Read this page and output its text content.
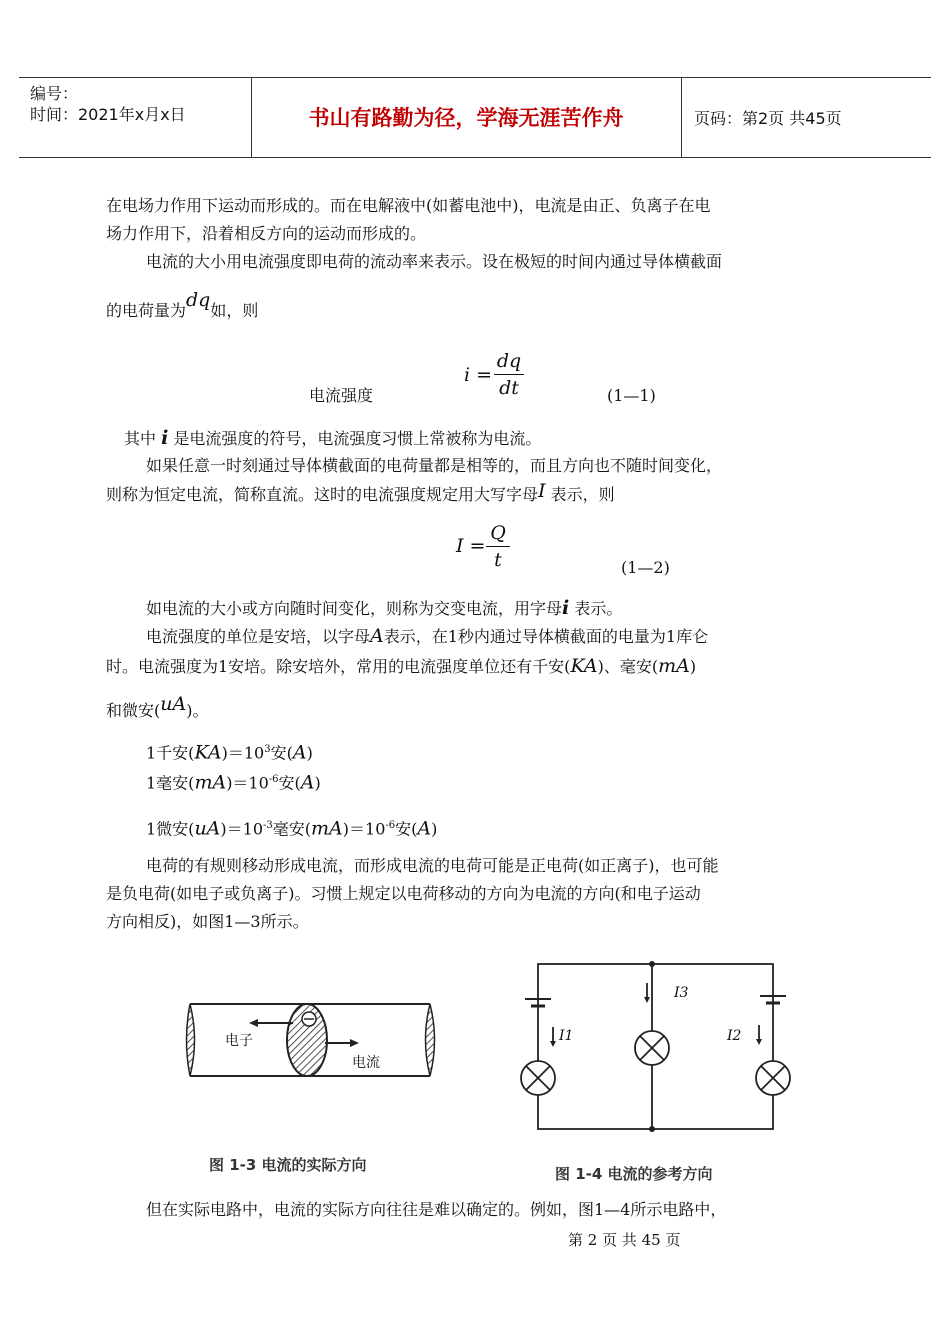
编号：
时间：2021年x月x日	书山有路勤为径，学海无涯苦作舟	页码：第2页 共45页
在电场力作用下运动而形成的。而在电解液中(如蓄电池中)，电流是由正、负离子在电
场力作用下，沿着相反方向的运动而形成的。
电流的大小用电流强度即电荷的流动率来表示。设在极短的时间内通过导体横截面
的电荷量为dq如，则
电流强度
i =
dq
dt	(1—1)
其中 i 是电流强度的符号，电流强度习惯上常被称为电流。
如果任意一时刻通过导体横截面的电荷量都是相等的，而且方向也不随时间变化，
则称为恒定电流，简称直流。这时的电流强度规定用大写字母I 表示，则
I =
Q
t	(1—2)
如电流的大小或方向随时间变化，则称为交变电流，用字母i 表示。
电流强度的单位是安培，以字母A表示，在1秒内通过导体横截面的电量为1库仑
时。电流强度为1安培。除安培外，常用的电流强度单位还有千安(KA)、毫安(mA)
和微安(uA)。
1千安$(KA)=10^3$安(A)
1毫安$(mA)=10^{-6}$安(A)
1微安$(uA)=10^{-3}$毫安$(mA)=10^{-6}$安(A)
电荷的有规则移动形成电流，而形成电流的电荷可能是正电荷(如正离子)，也可能
是负电荷(如电子或负离子)。习惯上规定以电荷移动的方向为电流的方向(和电子运动
方向相反)，如图1—3所示。
电子
电流
图 1-3 电流的实际方向
I1	I2
I3
图 1-4 电流的参考方向
但在实际电路中，电流的实际方向往往是难以确定的。例如，图1—4所示电路中，
第 2 页 共 45 页
